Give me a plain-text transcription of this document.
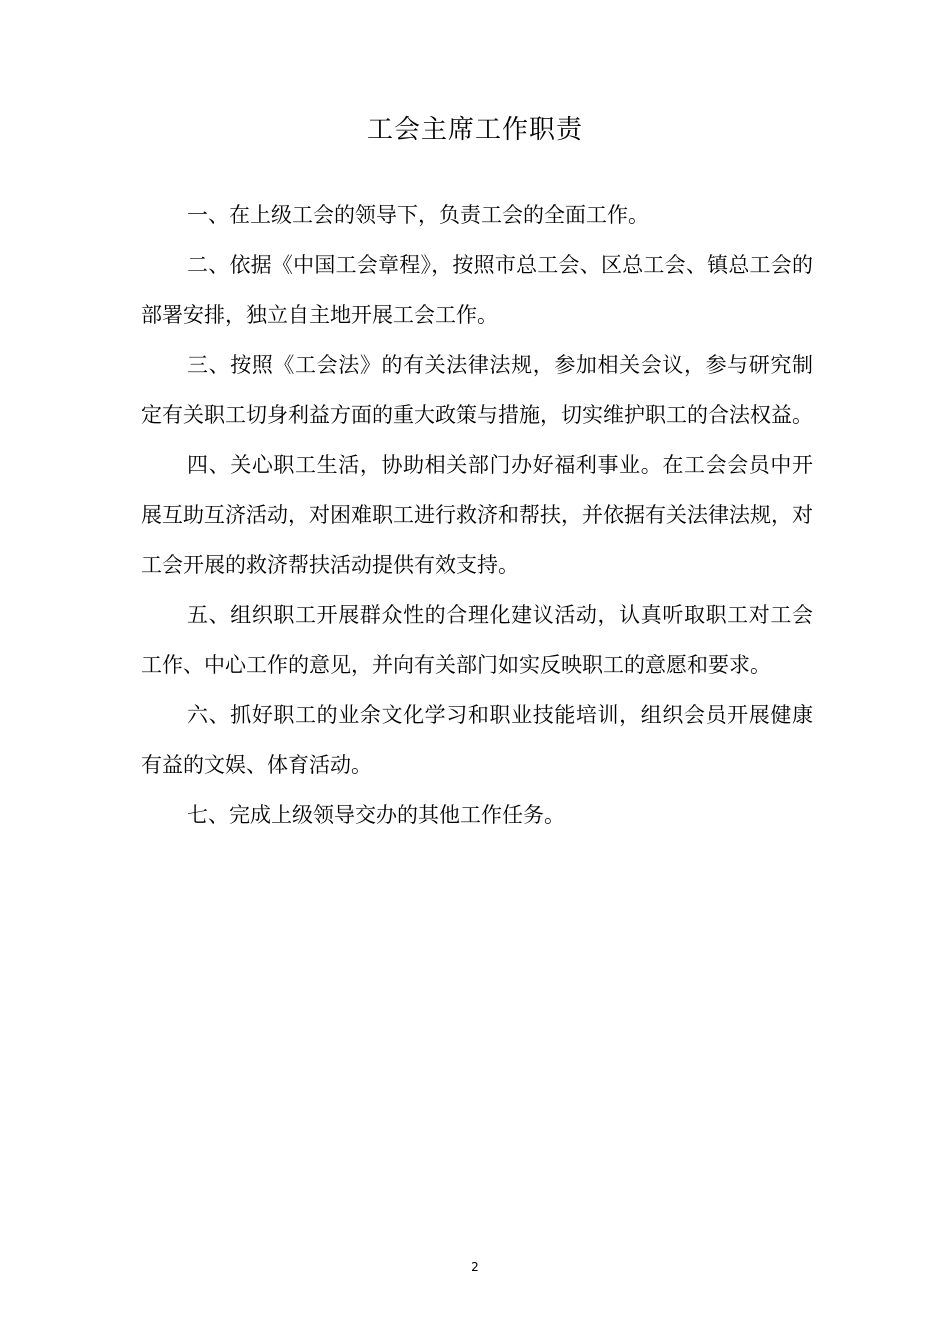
工会主席工作职责

一、在上级工会的领导下，负责工会的全面工作。

二、依据《中国工会章程》，按照市总工会、区总工会、镇总工会的部署安排，独立自主地开展工会工作。

三、按照《工会法》的有关法律法规，参加相关会议，参与研究制定有关职工切身利益方面的重大政策与措施，切实维护职工的合法权益。

四、关心职工生活，协助相关部门办好福利事业。在工会会员中开展互助互济活动，对困难职工进行救济和帮扶，并依据有关法律法规，对工会开展的救济帮扶活动提供有效支持。

五、组织职工开展群众性的合理化建议活动，认真听取职工对工会工作、中心工作的意见，并向有关部门如实反映职工的意愿和要求。

六、抓好职工的业余文化学习和职业技能培训，组织会员开展健康有益的文娱、体育活动。

七、完成上级领导交办的其他工作任务。

2
